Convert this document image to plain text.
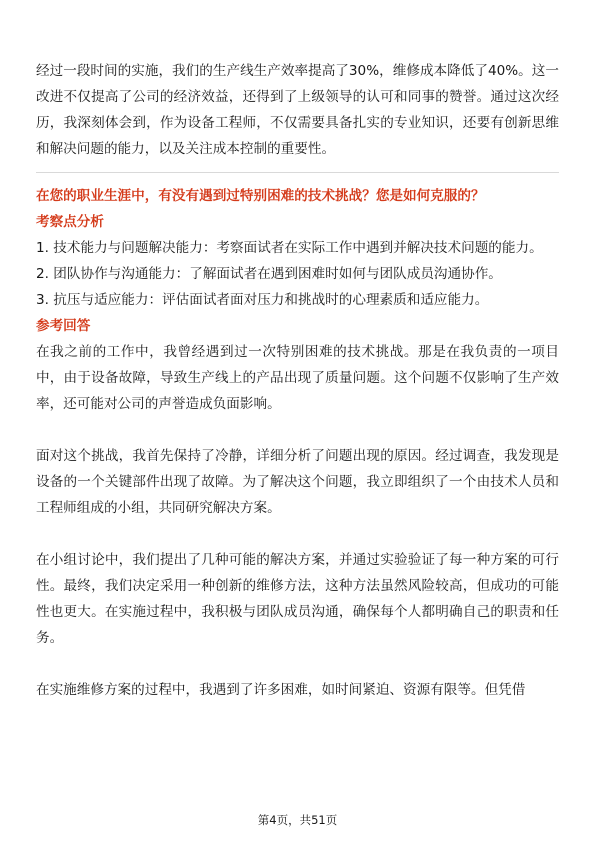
经过一段时间的实施，我们的生产线生产效率提高了30%，维修成本降低了40%。这一改进不仅提高了公司的经济效益，还得到了上级领导的认可和同事的赞誉。通过这次经历，我深刻体会到，作为设备工程师，不仅需要具备扎实的专业知识，还要有创新思维和解决问题的能力，以及关注成本控制的重要性。

在您的职业生涯中，有没有遇到过特别困难的技术挑战？您是如何克服的？

考察点分析

1. 技术能力与问题解决能力：考察面试者在实际工作中遇到并解决技术问题的能力。

2. 团队协作与沟通能力：了解面试者在遇到困难时如何与团队成员沟通协作。

3. 抗压与适应能力：评估面试者面对压力和挑战时的心理素质和适应能力。

参考回答

在我之前的工作中，我曾经遇到过一次特别困难的技术挑战。那是在我负责的一项目中，由于设备故障，导致生产线上的产品出现了质量问题。这个问题不仅影响了生产效率，还可能对公司的声誉造成负面影响。

面对这个挑战，我首先保持了冷静，详细分析了问题出现的原因。经过调查，我发现是设备的一个关键部件出现了故障。为了解决这个问题，我立即组织了一个由技术人员和工程师组成的小组，共同研究解决方案。

在小组讨论中，我们提出了几种可能的解决方案，并通过实验验证了每一种方案的可行性。最终，我们决定采用一种创新的维修方法，这种方法虽然风险较高，但成功的可能性也更大。在实施过程中，我积极与团队成员沟通，确保每个人都明确自己的职责和任务。

在实施维修方案的过程中，我遇到了许多困难，如时间紧迫、资源有限等。但凭借

第4页，共51页
